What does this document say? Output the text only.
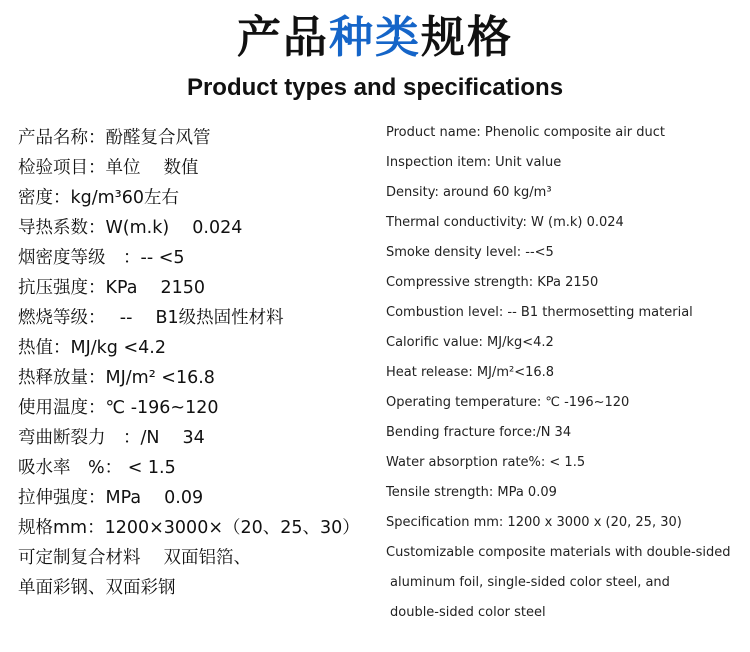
产品种类规格
Product types and specifications
产品名称：酚醛复合风管
检验项目：单位　 数值
密度：kg/m³60左右
导热系数：W(m.k)　 0.024
烟密度等级　：-- <5
抗压强度：KPa　 2150
燃烧等级：　 --　 B1级热固性材料
热值：MJ/kg <4.2
热释放量：MJ/m² <16.8
使用温度：℃ -196~120
弯曲断裂力　：/N　 34
吸水率　%： < 1.5
拉伸强度：MPa　 0.09
规格mm：1200×3000×（20、25、30）
可定制复合材料　 双面铝箔、
单面彩钢、双面彩钢
Product name: Phenolic composite air duct
Inspection item: Unit value
Density: around 60 kg/m³
Thermal conductivity: W (m.k) 0.024
Smoke density level: --<5
Compressive strength: KPa 2150
Combustion level: -- B1 thermosetting material
Calorific value: MJ/kg<4.2
Heat release: MJ/m²<16.8
Operating temperature: ℃ -196~120
Bending fracture force:/N 34
Water absorption rate%: < 1.5
Tensile strength: MPa 0.09
Specification mm: 1200 x 3000 x (20, 25, 30)
Customizable composite materials with double-sided
aluminum foil, single-sided color steel, and
double-sided color steel
